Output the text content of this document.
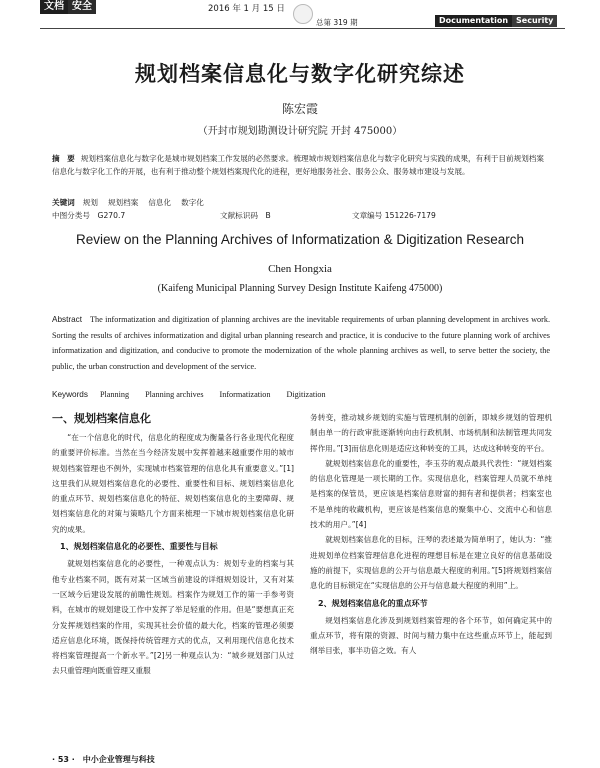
文档 安全	2016 年 1 月 15 日
总第 319 期	Documentation	Security
规划档案信息化与数字化研究综述
陈宏霞
（开封市规划勘测设计研究院 开封 475000）
摘　要 规划档案信息化与数字化是城市规划档案工作发展的必然要求。梳理城市规划档案信息化与数字化研究与实践的成果，有利于目前规划档案信息化与数字化工作的开展，也有利于推动整个规划档案现代化的进程，更好地服务社会、服务公众、服务城市建设与发展。
关键词 规划 规划档案 信息化 数字化
中图分类号　G270.7	文献标识码　B	文章编号 151226-7179
Review on the Planning Archives of Informatization & Digitization Research
Chen Hongxia
(Kaifeng Municipal Planning Survey Design Institute Kaifeng 475000)
Abstract The informatization and digitization of planning archives are the inevitable requirements of urban planning development in archives work. Sorting the results of archives informatization and digital urban planning research and practice, it is conducive to the future planning work of archives informatization and digitization, and conducive to promote the modernization of the whole planning archives as well, to serve better the society, the public, the urban construction and development of the service.
Keywords Planning Planning archives Informatization Digitization
一、规划档案信息化

“在一个信息化的时代，信息化的程度成为衡量各行各业现代化程度的重要评价标准。当然在当今经济发展中发挥着越来越重要作用的城市规划档案管理也不例外，实现城市档案管理的信息化具有重要意义。”[1]这里我们从规划档案信息化的必要性、重要性和目标、规划档案信息化的重点环节、规划档案信息化的特征、规划档案信息化的主要障碍、规划档案信息化的对策与策略几个方面来梳理一下城市规划档案信息化研究的成果。

1、规划档案信息化的必要性、重要性与目标

就规划档案信息化的必要性，一种观点认为：规划专业的档案与其他专业档案不同，既有对某一区域当前建设的详细规划设计，又有对某一区域今后建设发展的前瞻性规划。档案作为规划工作的第一手参考资料，在城市的规划建设工作中发挥了举足轻重的作用。但是“要想真正充分发挥规划档案的作用，实现其社会价值的最大化，档案的管理必须要适应信息化环境，既保持传统管理方式的优点，又利用现代信息化技术将档案管理提高一个新水平。”[2]另一种观点认为：“城乡规划部门从过去只重管理向既重管理又重服

务转变，推动城乡规划的实施与管理机制的创新，即城乡规划的管理机制由单一的行政审批逐渐转向由行政机制、市场机制和法制管理共同发挥作用。”[3]而信息化则是适应这种转变的工具，达成这种转变的平台。

就规划档案信息化的重要性，李玉芬的观点最具代表性：“规划档案的信息化管理是一项长期的工作。实现信息化，档案管理人员就不单纯是档案的保管员，更应该是档案信息财富的拥有者和提供者；档案室也不是单纯的收藏机构，更应该是档案信息的聚集中心、交流中心和信息技术的用户。”[4]

就规划档案信息化的目标，汪琴的表述最为简单明了，她认为：“推进规划单位档案管理信息化进程的理想目标是在建立良好的信息基础设施的前提下，实现信息的公开与信息最大程度的利用。”[5]将规划档案信息化的目标锁定在“实现信息的公开与信息最大程度的利用”上。

2、规划档案信息化的重点环节

规划档案信息化涉及到规划档案管理的各个环节，如何确定其中的重点环节，将有限的资源、时间与精力集中在这些重点环节上，能起到纲举目张，事半功倍之效。有人

· 53 · 中小企业管理与科技
